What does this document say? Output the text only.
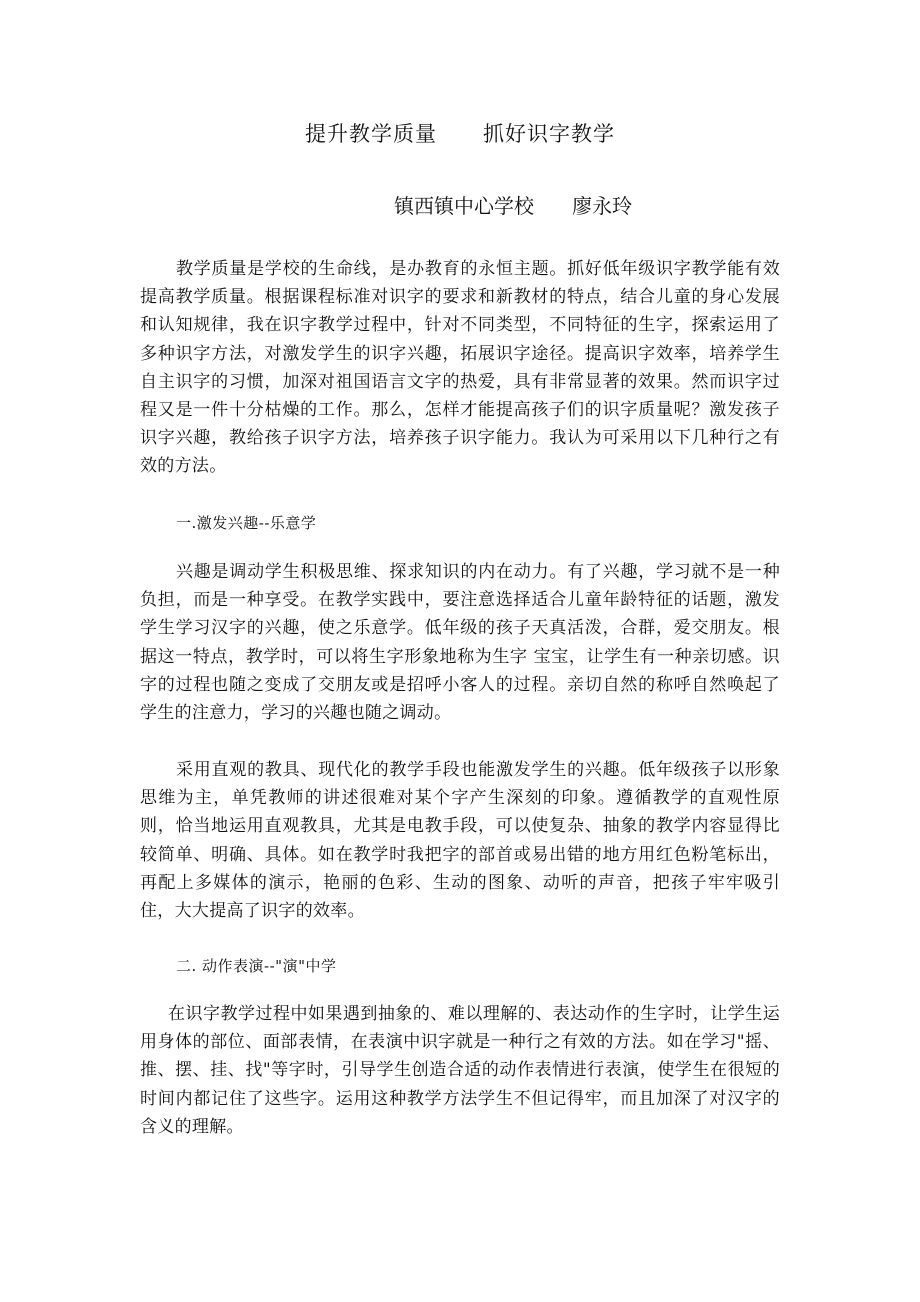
提升教学质量      抓好识字教学

镇西镇中心学校      廖永玲

教学质量是学校的生命线，是办教育的永恒主题。抓好低年级识字教学能有效提高教学质量。根据课程标准对识字的要求和新教材的特点，结合儿童的身心发展和认知规律，我在识字教学过程中，针对不同类型，不同特征的生字，探索运用了多种识字方法，对激发学生的识字兴趣，拓展识字途径。提高识字效率，培养学生自主识字的习惯，加深对祖国语言文字的热爱，具有非常显著的效果。然而识字过程又是一件十分枯燥的工作。那么，怎样才能提高孩子们的识字质量呢？激发孩子识字兴趣，教给孩子识字方法，培养孩子识字能力。我认为可采用以下几种行之有效的方法。

一.激发兴趣--乐意学

兴趣是调动学生积极思维、探求知识的内在动力。有了兴趣，学习就不是一种负担，而是一种享受。在教学实践中，要注意选择适合儿童年龄特征的话题，激发学生学习汉字的兴趣，使之乐意学。低年级的孩子天真活泼，合群，爱交朋友。根据这一特点，教学时，可以将生字形象地称为生字 宝宝，让学生有一种亲切感。识字的过程也随之变成了交朋友或是招呼小客人的过程。亲切自然的称呼自然唤起了学生的注意力，学习的兴趣也随之调动。

采用直观的教具、现代化的教学手段也能激发学生的兴趣。低年级孩子以形象思维为主，单凭教师的讲述很难对某个字产生深刻的印象。遵循教学的直观性原则，恰当地运用直观教具，尤其是电教手段，可以使复杂、抽象的教学内容显得比较简单、明确、具体。如在教学时我把字的部首或易出错的地方用红色粉笔标出，再配上多媒体的演示，艳丽的色彩、生动的图象、动听的声音，把孩子牢牢吸引住，大大提高了识字的效率。

二. 动作表演--"演"中学

在识字教学过程中如果遇到抽象的、难以理解的、表达动作的生字时，让学生运用身体的部位、面部表情，在表演中识字就是一种行之有效的方法。如在学习"摇、推、摆、挂、找"等字时，引导学生创造合适的动作表情进行表演，使学生在很短的时间内都记住了这些字。运用这种教学方法学生不但记得牢，而且加深了对汉字的含义的理解。
